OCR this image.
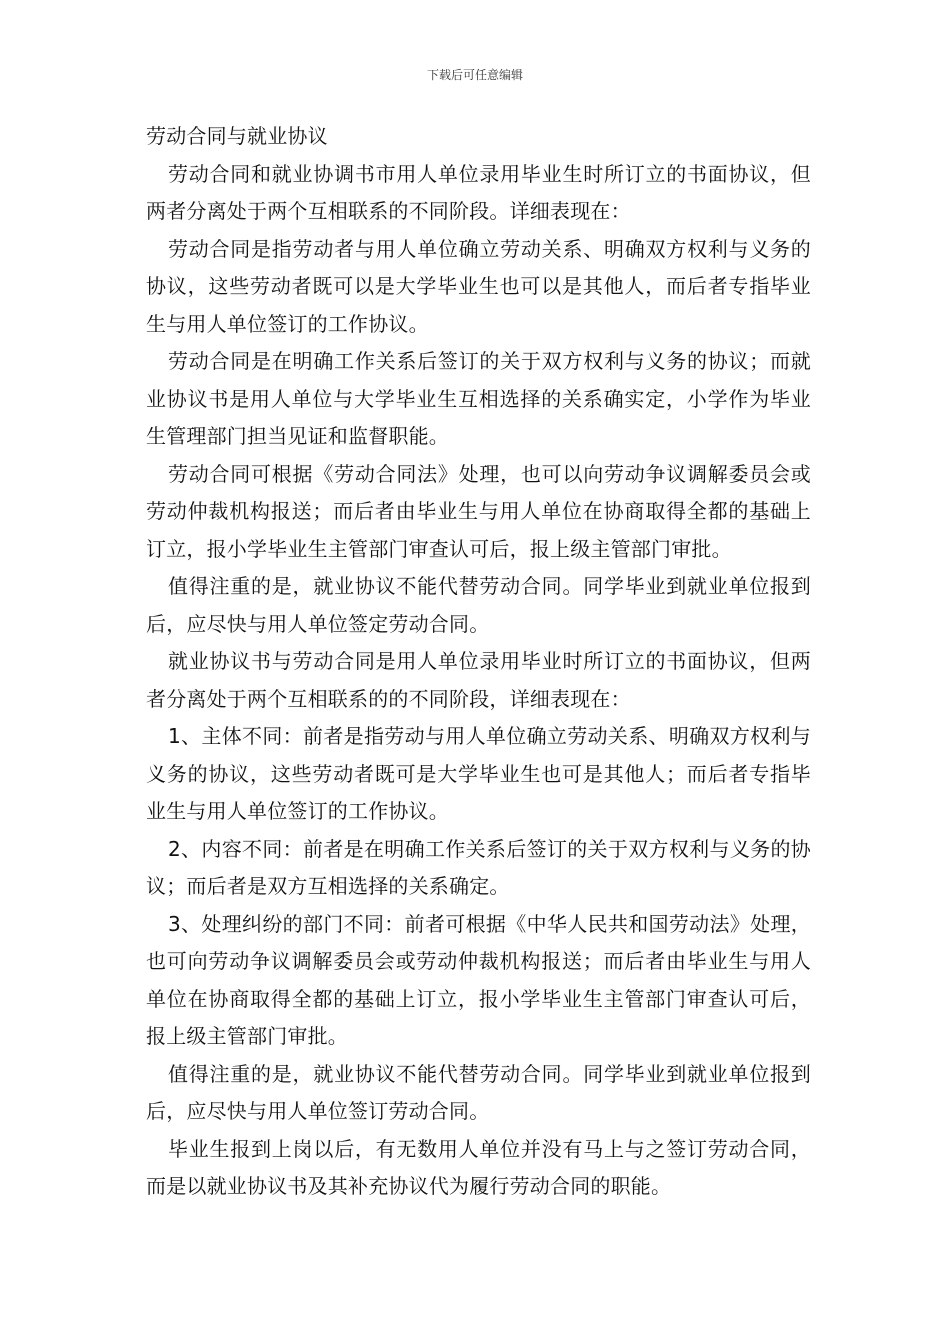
下载后可任意编辑

劳动合同与就业协议

劳动合同和就业协调书市用人单位录用毕业生时所订立的书面协议，但两者分离处于两个互相联系的不同阶段。详细表现在：

劳动合同是指劳动者与用人单位确立劳动关系、明确双方权利与义务的协议，这些劳动者既可以是大学毕业生也可以是其他人，而后者专指毕业生与用人单位签订的工作协议。

劳动合同是在明确工作关系后签订的关于双方权利与义务的协议；而就业协议书是用人单位与大学毕业生互相选择的关系确实定，小学作为毕业生管理部门担当见证和监督职能。

劳动合同可根据《劳动合同法》处理，也可以向劳动争议调解委员会或劳动仲裁机构报送；而后者由毕业生与用人单位在协商取得全都的基础上订立，报小学毕业生主管部门审查认可后，报上级主管部门审批。

值得注重的是，就业协议不能代替劳动合同。同学毕业到就业单位报到后，应尽快与用人单位签定劳动合同。

就业协议书与劳动合同是用人单位录用毕业时所订立的书面协议，但两者分离处于两个互相联系的的不同阶段，详细表现在：

1、主体不同：前者是指劳动与用人单位确立劳动关系、明确双方权利与义务的协议，这些劳动者既可是大学毕业生也可是其他人；而后者专指毕业生与用人单位签订的工作协议。

2、内容不同：前者是在明确工作关系后签订的关于双方权利与义务的协议；而后者是双方互相选择的关系确定。

3、处理纠纷的部门不同：前者可根据《中华人民共和国劳动法》处理，也可向劳动争议调解委员会或劳动仲裁机构报送；而后者由毕业生与用人单位在协商取得全都的基础上订立，报小学毕业生主管部门审查认可后，报上级主管部门审批。

值得注重的是，就业协议不能代替劳动合同。同学毕业到就业单位报到后，应尽快与用人单位签订劳动合同。

毕业生报到上岗以后，有无数用人单位并没有马上与之签订劳动合同，而是以就业协议书及其补充协议代为履行劳动合同的职能。
